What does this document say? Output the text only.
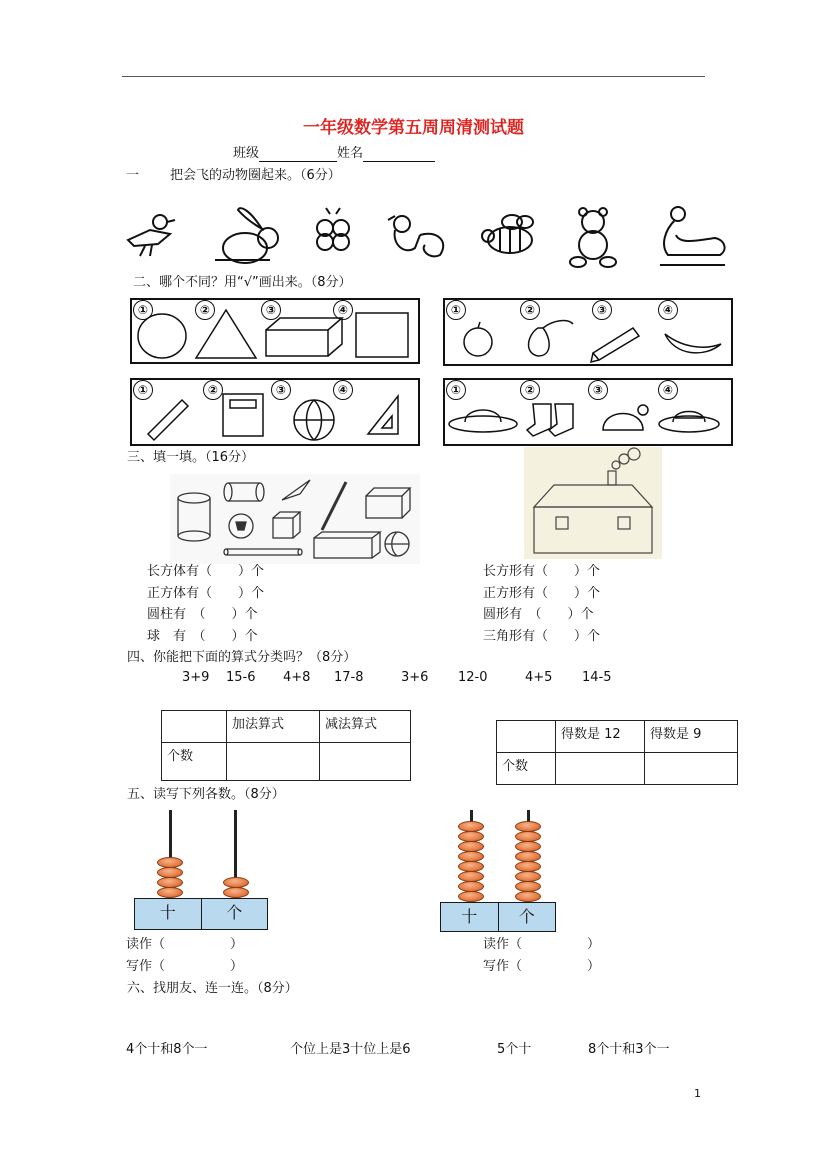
一年级数学第五周周清测试题
班级	姓名
一 把会飞的动物圈起来。（6分）
二、哪个不同？用“√”画出来。（8分）
①	②	③	④	①	②	③	④
①	②	③	④	①	②	③	④
三、填一填。（16分）
长方体有（　　）个
正方体有（　　）个
圆柱有　（　　）个
球　有　（　　）个
长方形有（　　）个
正方形有（　　）个
圆形有　（　　）个
三角形有（　　）个
四、你能把下面的算式分类吗？（8分）
3+9 15-6 4+8 17-8	3+6 12-0	4+5 14-5
	加法算式	减法算式
个数		
	得数是 12	得数是 9
个数		
五、读写下列各数。（8分）
十	个	十	个
读作（　　　　　）
写作（　　　　　）
读作（　　　　　）
写作（　　　　　）
六、找朋友、连一连。（8分）
4个十和8个一	个位上是3十位上是6	5个十	8个十和3个一
1
